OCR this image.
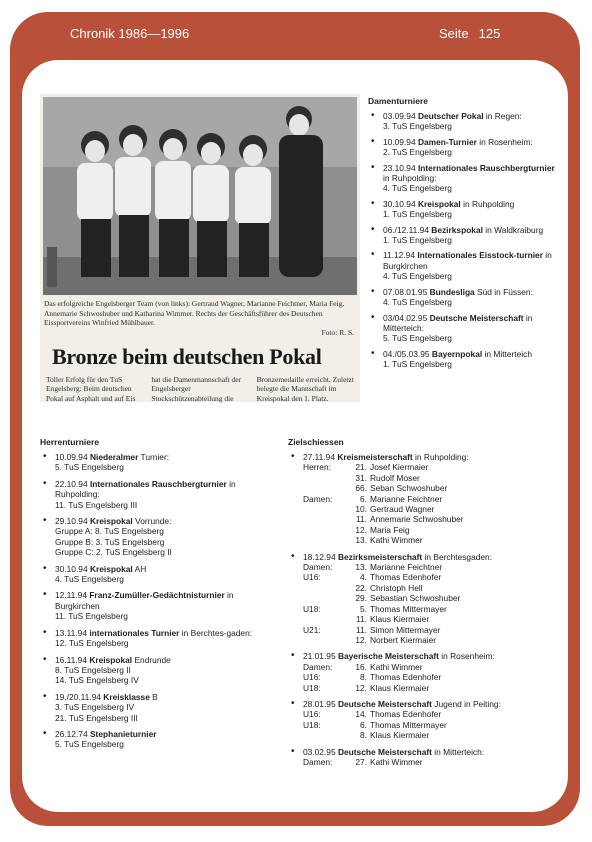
Chronik 1986—1996	Seite 125
Das erfolgreiche Engelsberger Team (von links): Gertraud Wagner, Marianne Feichtner, Maria Feig, Annemarie Schwoshuber und Katharina Wimmer. Rechts der Geschäftsführer des Deutschen Eissportvereins Winfried Mühlbauer.
Foto: R. S.
Bronze beim deutschen Pokal
Toller Erfolg für den TuS Engelsberg: Beim deutschen Pokal auf Asphalt und auf Eis hat die Damenmannschaft der Engelsberger Stockschützenabteilung die Bronzemedaille erreicht. Zuletzt belegte die Mannschaft im Kreispokal den 1. Platz.
Damenturniere
• 03.09.94 Deutscher Pokal in Regen:
3. TuS Engelsberg
• 10.09.94 Damen-Turnier in Rosenheim:
2. TuS Engelsberg
• 23.10.94 Internationales Rauschbergturnier in Ruhpolding:
4. TuS Engelsberg
• 30.10.94 Kreispokal in Ruhpolding
1. TuS Engelsberg
• 06./12.11.94 Bezirkspokal in Waldkraiburg
1. TuS Engelsberg
• 11.12.94 Internationales Eisstock-turnier in Burgkirchen
4. TuS Engelsberg
• 07.08.01.95 Bundesliga Süd in Füssen:
4. TuS Engelsberg
• 03/04.02.95 Deutsche Meisterschaft in Mitterteich:
5. TuS Engelsberg
• 04./05.03.95 Bayernpokal in Mitterteich
1. TuS Engelsberg
Herrenturniere
• 10.09.94 Niederalmer Turnier:
5. TuS Engelsberg
• 22.10.94 Internationales Rauschbergturnier in Ruhpolding:
11. TuS Engelsberg III
• 29.10.94 Kreispokal Vorrunde:
Gruppe A: 8. TuS Engelsberg
Gruppe B: 3. TuS Engelsberg
Gruppe C: 2. TuS Engelsberg II
• 30.10.94 Kreispokal AH
4. TuS Engelsberg
• 12.11.94 Franz-Zumüller-Gedächtnisturnier in Burgkirchen
11. TuS Engelsberg
• 13.11.94 internationales Turnier in Berchtes-gaden:
12. TuS Engelsberg
• 16.11.94 Kreispokal Endrunde
8. TuS Engelsberg II
14. TuS Engelsberg IV
• 19./20.11.94 Kreisklasse B
3. TuS Engelsberg IV
21. TuS Engelsberg III
• 26.12.74 Stephanieturnier
5. TuS Engelsberg
Zielschiessen
• 27.11.94 Kreismeisterschaft in Ruhpolding:
Herren:	21. Josef Kiermaier
31. Rudolf Moser
66. Seban Schwoshuber
Damen:	6. Marianne Feichtner
10. Gertraud Wagner
11. Annemarie Schwoshuber
12. Maria Feig
13. Kathi Wimmer
• 18.12.94 Bezirksmeisterschaft in Berchtesgaden:
Damen:	13. Marianne Feichtner
U16:	4. Thomas Edenhofer
22. Christoph Hell
29. Sebastian Schwoshuber
U18:	5. Thomas Mittermayer
11. Klaus Kiermaier
U21:	11. Simon Mittermayer
12. Norbert Kiermaier
• 21.01.95 Bayerische Meisterschaft in Rosenheim:
Damen:	16. Kathi Wimmer
U16:	8. Thomas Edenhofer
U18:	12. Klaus Kiermaier
• 28.01.95 Deutsche Meisterschaft Jugend in Peiting:
U16:	14. Thomas Edenhofer
U18:	6. Thomas Mittermayer
8. Klaus Kiermaier
• 03.02.95 Deutsche Meisterschaft in Mitterteich:
Damen:	27. Kathi Wimmer
